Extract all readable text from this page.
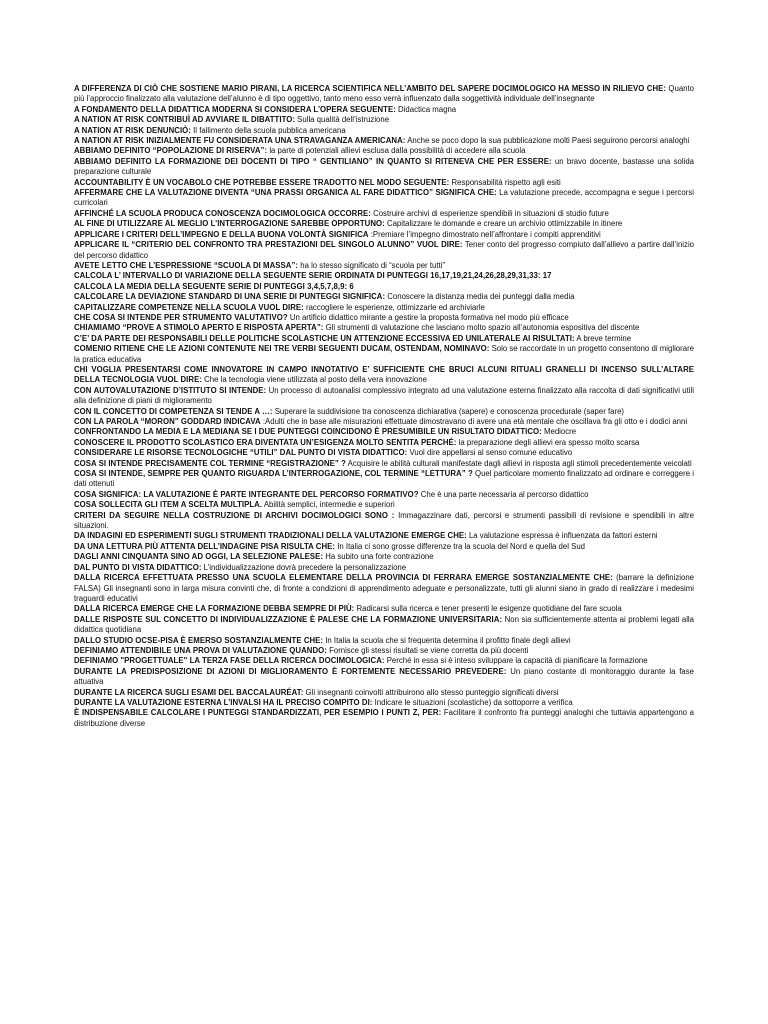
A DIFFERENZA DI CIÒ CHE SOSTIENE MARIO PIRANI, LA RICERCA SCIENTIFICA NELL’AMBITO DEL SAPERE DOCIMOLOGICO HA MESSO IN RILIEVO CHE: Quanto più l’approccio finalizzato alla valutazione dell’alunno è di tipo oggettivo, tanto meno esso verrà influenzato dalla soggettività individuale dell’insegnante

A FONDAMENTO DELLA DIDATTICA MODERNA SI CONSIDERA L’OPERA SEGUENTE: Didactica magna

A NATION AT RISK CONTRIBUÌ AD AVVIARE IL DIBATTITO: Sulla qualità dell’istruzione

A NATION AT RISK DENUNCIÒ: Il fallimento della scuola pubblica americana

A NATION AT RISK INIZIALMENTE FU CONSIDERATA UNA STRAVAGANZA AMERICANA: Anche se poco dopo la sua pubblicazione molti Paesi seguirono percorsi analoghi

ABBIAMO DEFINITO “POPOLAZIONE DI RISERVA”: la parte di potenziali allievi esclusa dalla possibilità di accedere alla scuola

ABBIAMO DEFINITO LA FORMAZIONE DEI DOCENTI DI TIPO “ GENTILIANO” IN QUANTO SI RITENEVA CHE PER ESSERE: un bravo docente, bastasse una solida preparazione culturale

ACCOUNTABILITY È UN VOCABOLO CHE POTREBBE ESSERE TRADOTTO NEL MODO SEGUENTE: Responsabilità rispetto agli esiti

AFFERMARE CHE LA VALUTAZIONE DIVENTA “UNA PRASSI ORGANICA AL FARE DIDATTICO” SIGNIFICA CHE: La valutazione precede, accompagna e segue i percorsi curricolari

AFFINCHÉ LA SCUOLA PRODUCA CONOSCENZA DOCIMOLOGICA OCCORRE: Costruire archivi di esperienze spendibili in situazioni di studio future

AL FINE DI UTILIZZARE AL MEGLIO L’INTERROGAZIONE SAREBBE OPPORTUNO: Capitalizzare le domande e creare un archivio ottimizzabile in itinere

APPLICARE I CRITERI DELL’IMPEGNO E DELLA BUONA VOLONTÀ SIGNIFICA :Premiare l’impegno dimostrato nell’affrontare i compiti apprenditivi

APPLICARE IL “CRITERIO DEL CONFRONTO TRA PRESTAZIONI DEL SINGOLO ALUNNO” VUOL DIRE: Tener conto del progresso compiuto dall’allievo a partire dall’inizio del percorso didattico

AVETE LETTO CHE L’ESPRESSIONE “SCUOLA DI MASSA”: ha lo stesso significato di “scuola per tutti”

CALCOLA L’ INTERVALLO DI VARIAZIONE DELLA SEGUENTE SERIE ORDINATA DI PUNTEGGI 16,17,19,21,24,26,28,29,31,33: 17

CALCOLA LA MEDIA DELLA SEGUENTE SERIE DI PUNTEGGI 3,4,5,7,8,9: 6

CALCOLARE LA DEVIAZIONE STANDARD DI UNA SERIE DI PUNTEGGI SIGNIFICA: Conoscere la distanza media dei punteggi dalla media

CAPITALIZZARE COMPETENZE NELLA SCUOLA VUOL DIRE: raccogliere le esperienze, ottimizzarle ed archiviarle

CHE COSA SI INTENDE PER STRUMENTO VALUTATIVO? Un artificio didattico mirante a gestire la proposta formativa nel modo più efficace

CHIAMIAMO “PROVE A STIMOLO APERTO E RISPOSTA APERTA”: Gli strumenti di valutazione che lasciano molto spazio all’autonomia espositiva del discente

C’E’ DA PARTE DEI RESPONSABILI DELLE POLITICHE SCOLASTICHE UN ATTENZIONE ECCESSIVA ED UNILATERALE AI RISULTATI: A breve termine

COMENIO RITIENE CHE LE AZIONI CONTENUTE NEI TRE VERBI SEGUENTI DUCAM, OSTENDAM, NOMINAVO: Solo se raccordate in un progetto consentono di migliorare la pratica educativa

CHI VOGLIA PRESENTARSI COME INNOVATORE IN CAMPO INNOTATIVO E’ SUFFICIENTE CHE BRUCI ALCUNI RITUALI GRANELLI DI INCENSO SULL’ALTARE DELLA TECNOLOGIA VUOL DIRE: Che la tecnologia viene utilizzata al posto della vera innovazione

CON AUTOVALUTAZIONE D’ISTITUTO SI INTENDE: Un processo di autoanalisi complessivo integrato ad una valutazione esterna finalizzato alla raccolta di dati significativi utili alla definizione di piani di miglioramento

CON IL CONCETTO DI COMPETENZA SI TENDE A …: Superare la suddivisione tra conoscenza dichiarativa (sapere) e conoscenza procedurale (saper fare)

CON LA PAROLA “MORON” GODDARD INDICAVA :Adulti che in base alle misurazioni effettuate dimostravano di avere una età mentale che oscillava fra gli otto e i dodici anni

CONFRONTANDO LA MEDIA E LA MEDIANA SE I DUE PUNTEGGI COINCIDONO È PRESUMIBILE UN RISULTATO DIDATTICO: Mediocre

CONOSCERE IL PRODOTTO SCOLASTICO ERA DIVENTATA UN’ESIGENZA MOLTO SENTITA PERCHÉ: la preparazione degli allievi era spesso molto scarsa

CONSIDERARE LE RISORSE TECNOLOGICHE “UTILI” DAL PUNTO DI VISTA DIDATTICO: Vuol dire appellarsi al senso comune educativo

COSA SI INTENDE PRECISAMENTE COL TERMINE “REGISTRAZIONE” ? Acquisire le abilità culturali manifestate dagli allievi in risposta agli stimoli precedentemente veicolati

COSA SI INTENDE, SEMPRE PER QUANTO RIGUARDA L’INTERROGAZIONE, COL TERMINE “LETTURA” ? Quel particolare momento finalizzato ad ordinare e correggere i dati ottenuti

COSA SIGNIFICA: LA VALUTAZIONE È PARTE INTEGRANTE DEL PERCORSO FORMATIVO? Che è una parte necessaria al percorso didattico

COSA SOLLECITA GLI ITEM A SCELTA MULTIPLA. Abilità semplici, intermedie e superiori

CRITERI DA SEGUIRE NELLA COSTRUZIONE DI ARCHIVI DOCIMOLOGICI SONO : Immagazzinare dati, percorsi e strumenti passibili di revisione e spendibili in altre situazioni.

DA INDAGINI ED ESPERIMENTI SUGLI STRUMENTI TRADIZIONALI DELLA VALUTAZIONE EMERGE CHE: La valutazione espressa è influenzata da fattori esterni

DA UNA LETTURA PIÙ ATTENTA DELL’INDAGINE PISA RISULTA CHE: In Italia ci sono grosse differenze tra la scuola del Nord e quella del Sud

DAGLI ANNI CINQUANTA SINO AD OGGI, LA SELEZIONE PALESE: Ha subito una forte contrazione

DAL PUNTO DI VISTA DIDATTICO: L’individualizzazione dovrà precedere la personalizzazione

DALLA RICERCA EFFETTUATA PRESSO UNA SCUOLA ELEMENTARE DELLA PROVINCIA DI FERRARA EMERGE SOSTANZIALMENTE CHE: (barrare la definizione FALSA) Gli insegnanti sono in larga misura convinti che, di fronte a condizioni di apprendimento adeguate e personalizzate, tutti gli alunni siano in grado di realizzare i medesimi traguardi educativi

DALLA RICERCA EMERGE CHE LA FORMAZIONE DEBBA SEMPRE DI PIÙ: Radicarsi sulla ricerca e tener presenti le esigenze quotidiane del fare scuola

DALLE RISPOSTE SUL CONCETTO DI INDIVIDUALIZZAZIONE È PALESE CHE LA FORMAZIONE UNIVERSITARIA: Non sia sufficientemente attenta ai problemi legati alla didattica quotidiana

DALLO STUDIO OCSE-PISA È EMERSO SOSTANZIALMENTE CHE: In Italia la scuola che si frequenta determina il profitto finale degli allievi

DEFINIAMO ATTENDIBILE UNA PROVA DI VALUTAZIONE QUANDO: Fornisce gli stessi risultati se viene corretta da più docenti

DEFINIAMO "PROGETTUALE" LA TERZA FASE DELLA RICERCA DOCIMOLOGICA: Perché in essa si è inteso sviluppare la capacità di pianificare la formazione

DURANTE LA PREDISPOSIZIONE DI AZIONI DI MIGLIORAMENTO È FORTEMENTE NECESSARIO PREVEDERE: Un piano costante di monitoraggio durante la fase attuativa

DURANTE LA RICERCA SUGLI ESAMI DEL BACCALAURÉAT: Gli insegnanti coinvolti attribuirono allo stesso punteggio significati diversi

DURANTE LA VALUTAZIONE ESTERNA L’INVALSI HA IL PRECISO COMPITO DI: Indicare le situazioni (scolastiche) da sottoporre a verifica

È INDISPENSABILE CALCOLARE I PUNTEGGI STANDARDIZZATI, PER ESEMPIO I PUNTI Z, PER: Facilitare il confronto fra punteggi analoghi che tuttavia appartengono a distribuzione diverse
